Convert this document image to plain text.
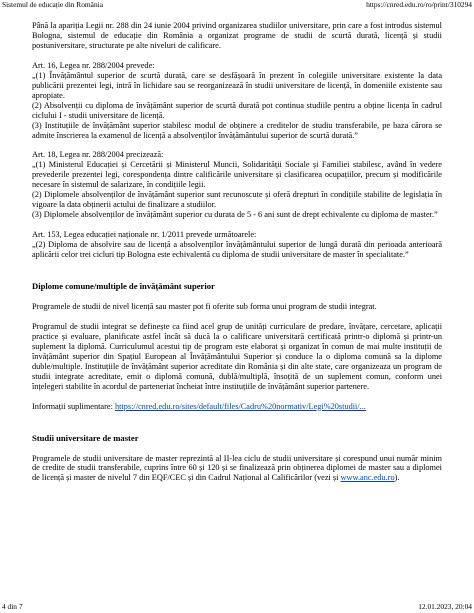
Sistemul de educație din România	https://cnred.edu.ro/ro/print/310294

Până la apariția Legii nr. 288 din 24 iunie 2004 privind organizarea studiilor universitare, prin care a fost introdus sistemul Bologna, sistemul de educație din România a organizat programe de studii de scurtă durată, licență și studii postuniversitare, structurate pe alte niveluri de calificare.

Art. 16, Legea nr. 288/2004 prevede:

„(1) Învățământul superior de scurtă durată, care se desfășoară în prezent în colegiile universitare existente la data publicării prezentei legi, intră în lichidare sau se reorganizează în studii universitare de licență, în domeniile existente sau apropiate.

(2) Absolvenții cu diploma de învățământ superior de scurtă durată pot continua studiile pentru a obține licența în cadrul ciclului I - studii universitare de licență.

(3) Instituțiile de învățământ superior stabilesc modul de obținere a creditelor de studiu transferabile, pe baza cărora se admite înscrierea la examenul de licență a absolvenților învățământului superior de scurtă durată.”

Art. 18, Legea nr. 288/2004 precizează:

„(1) Ministerul Educației și Cercetării și Ministerul Muncii, Solidarității Sociale și Familiei stabilesc, având în vedere prevederile prezentei legi, corespondența dintre calificările universitare și clasificarea ocupațiilor, precum și modificările necesare în sistemul de salarizare, în condițiile legii.

(2) Diplomele absolvenților de învățământ superior sunt recunoscute și oferă drepturi în condițiile stabilite de legislația în vigoare la data obținerii actului de finalizare a studiilor.

(3) Diplomele absolvenților de învățământ superior cu durata de 5 - 6 ani sunt de drept echivalente cu diploma de master.”

Art. 153, Legea educației naționale nr. 1/2011 prevede următoarele:

„(2) Diploma de absolvire sau de licență a absolvenților învățământului superior de lungă durată din perioada anterioară aplicării celor trei cicluri tip Bologna este echivalentă cu diploma de studii universitare de master în specialitate.”

Diplome comune/multiple de învățământ superior

Programele de studii de nivel licență sau master pot fi oferite sub forma unui program de studii integrat.

Programul de studii integrat se definește ca fiind acel grup de unități curriculare de predare, învățare, cercetare, aplicații practice și evaluare, planificate astfel încât să ducă la o calificare universitară certificată printr-o diplomă și printr-un suplement la diplomă. Curriculumul acestui tip de program este elaborat și organizat în comun de mai multe instituții de învățământ superior din Spațiul European al Învățământului Superior și conduce la o diploma comună sa la diplome duble/multiple. Instituțiile de învățământ superior acreditate din România și din alte state, care organizeaza un program de studii integrate acreditate, emit o diplomă comună, dublă/multiplă, însoțită de un suplement comun, conform unei înțelegeri stabilite în acordul de parteneriat încheiat între instituțiile de învățământ superior partenere.

Informații suplimentare: https://cnred.edu.ro/sites/default/files/Cadru%20normativ/Legi%20studii/...

Studii universitare de master

Programele de studii universitare de master reprezintă al II-lea ciclu de studii universitare și corespund unui număr minim de credite de studii transferabile, cuprins între 60 și 120 și se finalizează prin obținerea diplomei de master sau a diplomei de licență și master de nivelul 7 din EQF/CEC și din Cadrul Național al Calificărilor (vezi și www.anc.edu.ro).

4 din 7	12.01.2023, 20:04
